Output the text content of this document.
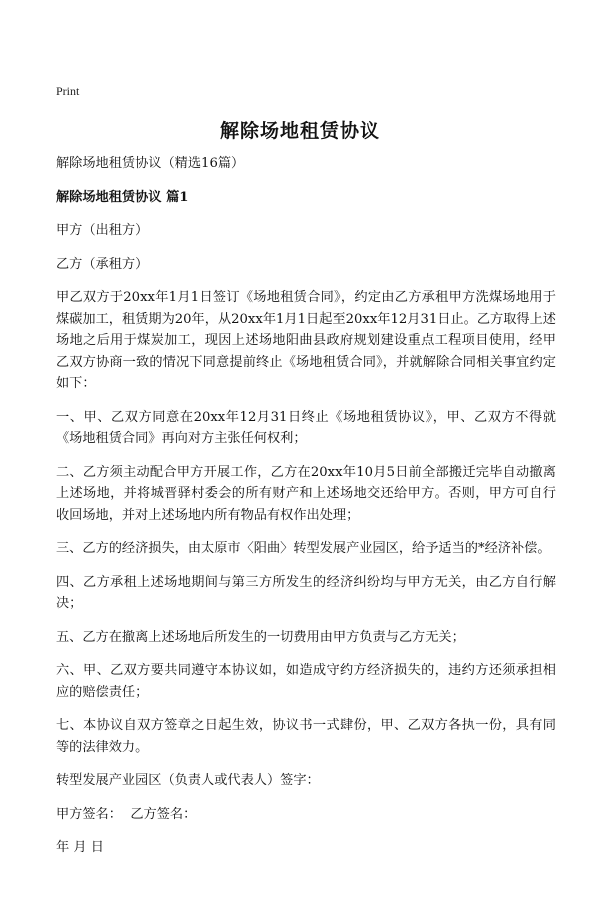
Print
解除场地租赁协议

解除场地租赁协议（精选16篇）

解除场地租赁协议 篇1

甲方（出租方）

乙方（承租方）

甲乙双方于20xx年1月1日签订《场地租赁合同》，约定由乙方承租甲方洗煤场地用于煤碳加工，租赁期为20年，从20xx年1月1日起至20xx年12月31日止。乙方取得上述场地之后用于煤炭加工，现因上述场地阳曲县政府规划建设重点工程项目使用，经甲乙双方协商一致的情况下同意提前终止《场地租赁合同》，并就解除合同相关事宜约定如下：

一、甲、乙双方同意在20xx年12月31日终止《场地租赁协议》，甲、乙双方不得就《场地租赁合同》再向对方主张任何权利；

二、乙方须主动配合甲方开展工作，乙方在20xx年10月5日前全部搬迁完毕自动撤离上述场地，并将城晋驿村委会的所有财产和上述场地交还给甲方。否则，甲方可自行收回场地，并对上述场地内所有物品有权作出处理；

三、乙方的经济损失，由太原市〈阳曲〉转型发展产业园区，给予适当的*经济补偿。

四、乙方承租上述场地期间与第三方所发生的经济纠纷均与甲方无关，由乙方自行解决；

五、乙方在撤离上述场地后所发生的一切费用由甲方负责与乙方无关；

六、甲、乙双方要共同遵守本协议如，如造成守约方经济损失的，违约方还须承担相应的赔偿责任；

七、本协议自双方签章之日起生效，协议书一式肆份，甲、乙双方各执一份，具有同等的法律效力。

转型发展产业园区（负责人或代表人）签字：

甲方签名：  乙方签名：

年 月 日
